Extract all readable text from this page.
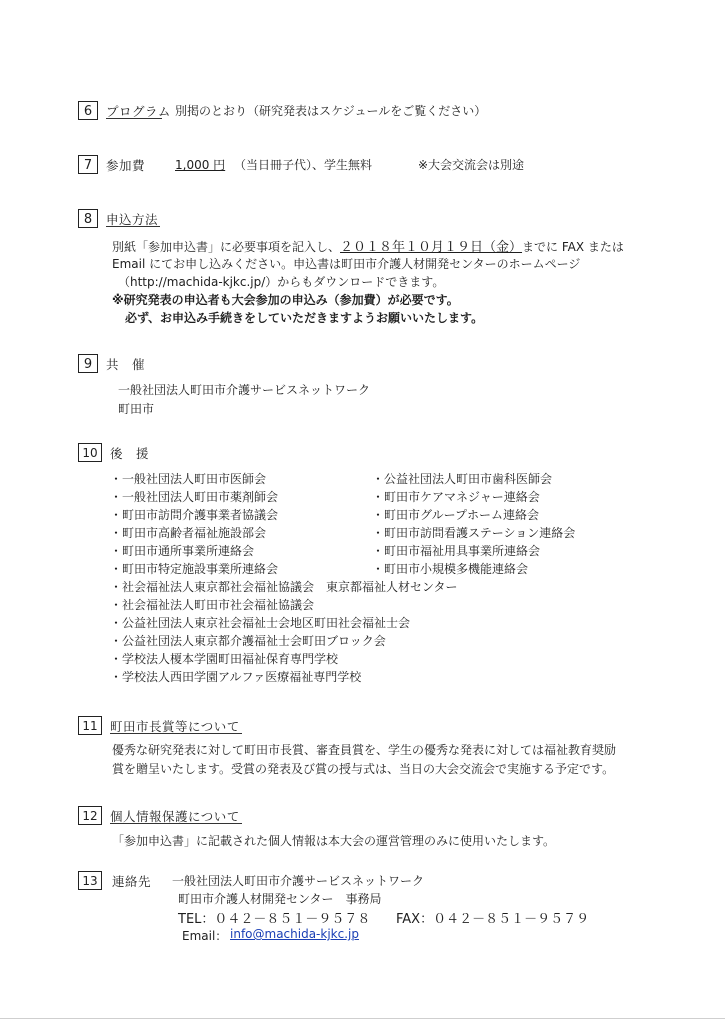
6	プログラム 別掲のとおり（研究発表はスケジュールをご覧ください）
7	参加費 1,000 円 （当日冊子代）、学生無料	※大会交流会は別途
8	申込方法
別紙「参加申込書」に必要事項を記入し、２０１８年１０月１９日（金）までに FAX または
Email にてお申し込みください。申込書は町田市介護人材開発センターのホームページ
（http://machida-kjkc.jp/）からもダウンロードできます。
※研究発表の申込者も大会参加の申込み（参加費）が必要です。
必ず、お申込み手続きをしていただきますようお願いいたします。
9	共　催
一般社団法人町田市介護サービスネットワーク
町田市
10 後　援
・一般社団法人町田市医師会
・一般社団法人町田市薬剤師会
・町田市訪問介護事業者協議会
・町田市高齢者福祉施設部会
・町田市通所事業所連絡会
・町田市特定施設事業所連絡会
・公益社団法人町田市歯科医師会
・町田市ケアマネジャー連絡会
・町田市グループホーム連絡会
・町田市訪問看護ステーション連絡会
・町田市福祉用具事業所連絡会
・町田市小規模多機能連絡会
・社会福祉法人東京都社会福祉協議会　東京都福祉人材センター
・社会福祉法人町田市社会福祉協議会
・公益社団法人東京社会福祉士会地区町田社会福祉士会
・公益社団法人東京都介護福祉士会町田ブロック会
・学校法人榎本学園町田福祉保育専門学校
・学校法人西田学園アルファ医療福祉専門学校
11 町田市長賞等について
優秀な研究発表に対して町田市長賞、審査員賞を、学生の優秀な発表に対しては福祉教育奨励
賞を贈呈いたします。受賞の発表及び賞の授与式は、当日の大会交流会で実施する予定です。
12 個人情報保護について
「参加申込書」に記載された個人情報は本大会の運営管理のみに使用いたします。
13	連絡先 一般社団法人町田市介護サービスネットワーク
町田市介護人材開発センター　事務局
TEL：０４２－８５１－９５７８ FAX：０４２－８５１－９５７９
Email： info@machida-kjkc.jp
